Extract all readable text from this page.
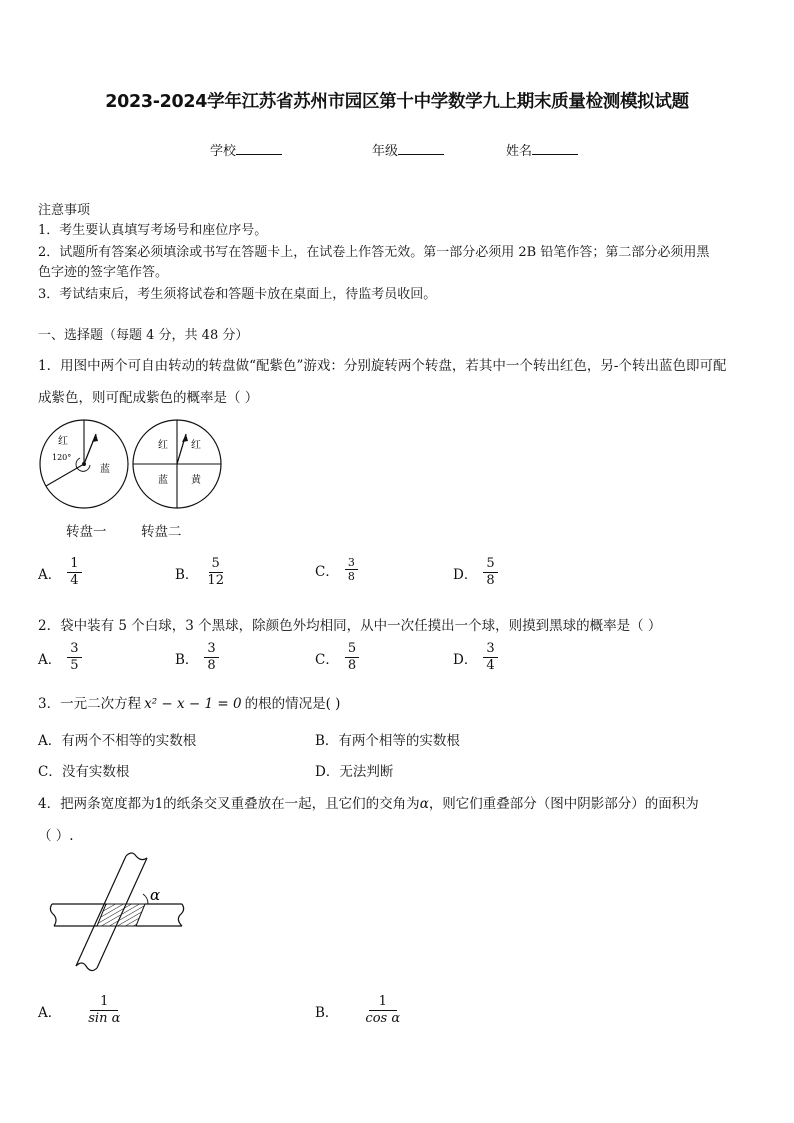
2023-2024学年江苏省苏州市园区第十中学数学九上期末质量检测模拟试题
学校	年级	姓名
注意事项
1．考生要认真填写考场号和座位序号。
2．试题所有答案必须填涂或书写在答题卡上，在试卷上作答无效。第一部分必须用 2B 铅笔作答；第二部分必须用黑
色字迹的签字笔作答。
3．考试结束后，考生须将试卷和答题卡放在桌面上，待监考员收回。
一、选择题（每题 4 分，共 48 分）
1．用图中两个可自由转动的转盘做“配紫色”游戏：分别旋转两个转盘，若其中一个转出红色，另-个转出蓝色即可配
成紫色，则可配成紫色的概率是（ ）
红
120°
蓝
红 红
蓝 黄
转盘一	转盘二
A． $\frac{1}{4}$	B． $\frac{5}{12}$	C． $\frac{3}{8}$	D． $\frac{5}{8}$
2．袋中装有 5 个白球，3 个黑球，除颜色外均相同，从中一次任摸出一个球，则摸到黑球的概率是（ ）
A． $\frac{3}{5}$	B． $\frac{3}{8}$	C． $\frac{5}{8}$	D． $\frac{3}{4}$
3．一元二次方程 x² − x − 1 = 0 的根的情况是( )
A．有两个不相等的实数根	B．有两个相等的实数根
C．没有实数根	D．无法判断
4．把两条宽度都为1的纸条交叉重叠放在一起，且它们的交角为α，则它们重叠部分（图中阴影部分）的面积为
（ ）.
α
A． $\frac{1}{\text{sin α}}$	B． $\frac{1}{\text{cos α}}$
